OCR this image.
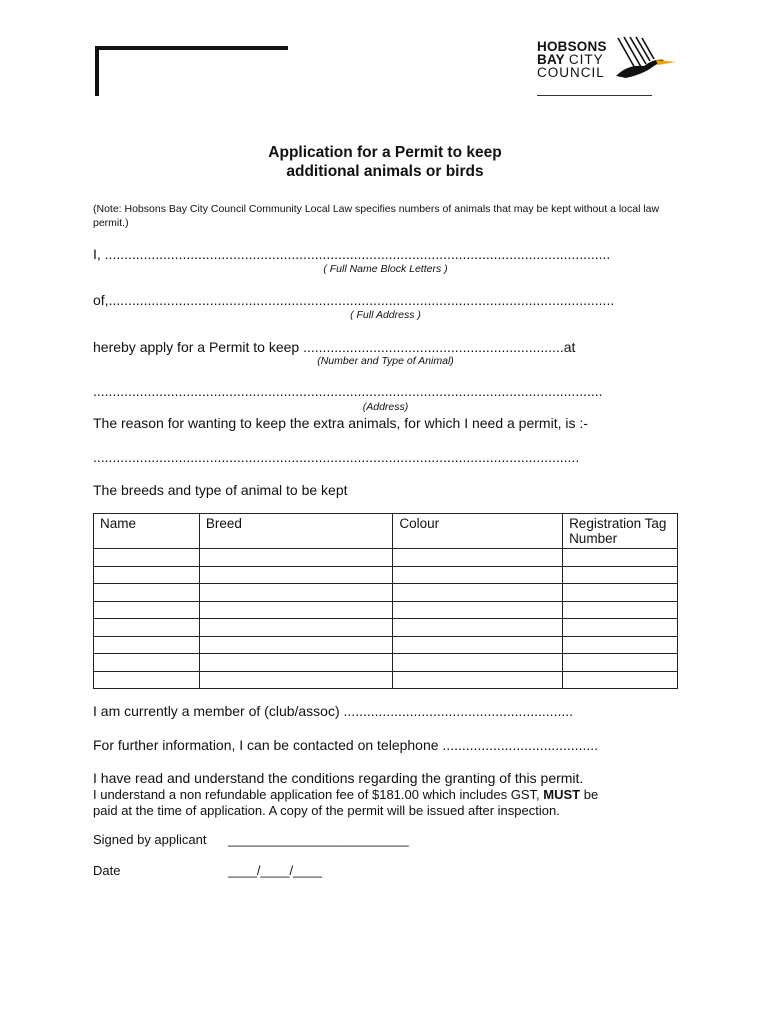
HOBSONS
BAY CITY
COUNCIL
Application for a Permit to keep
additional animals or birds
(Note: Hobsons Bay City Council Community Local Law specifies numbers of animals that may be kept without a local law permit.)
I, ..................................................................................................................................
( Full Name Block Letters )
of,..................................................................................................................................
( Full Address )
hereby apply for a Permit to keep ...................................................................at
(Number and Type of Animal)
...................................................................................................................................
(Address)
The reason for wanting to keep the extra animals, for which I need a permit, is :-
.............................................................................................................................
The breeds and type of animal to be kept
Name	Breed	Colour	Registration Tag Number

I am currently a member of (club/assoc) ...........................................................
For further information, I can be contacted on telephone ........................................
I have read and understand the conditions regarding the granting of this permit.
I understand a non refundable application fee of $181.00 which includes GST, MUST be
paid at the time of application. A copy of the permit will be issued after inspection.
Signed by applicant _________________________
Date	____/____/____
